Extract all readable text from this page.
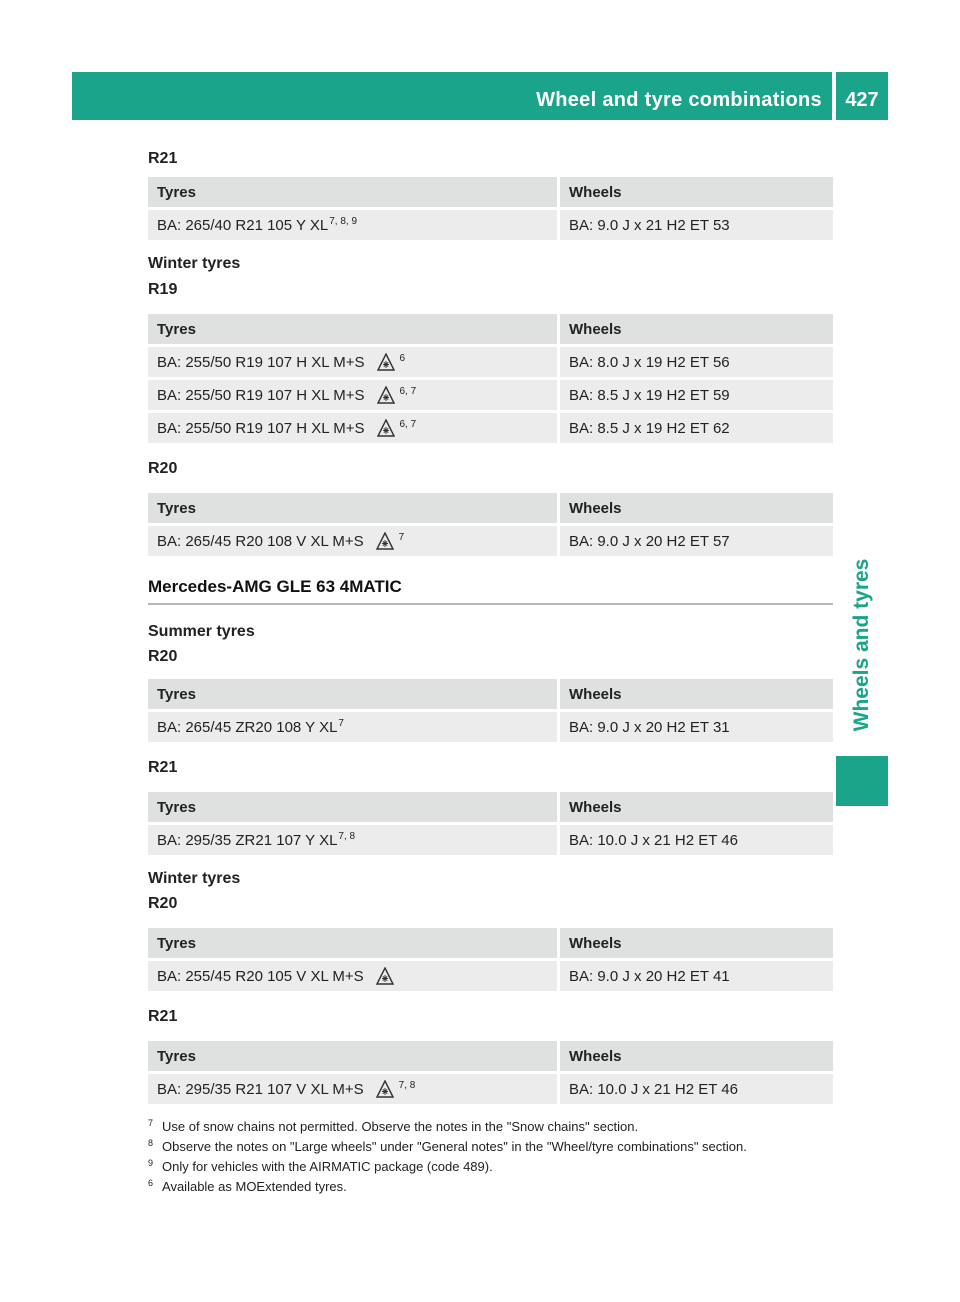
Wheel and tyre combinations	427
Wheels and tyres
R21
Tyres	Wheels
BA: 265/40 R21 105 Y XL$^{7, 8, 9}$	BA: 9.0 J x 21 H2 ET 53
Winter tyres
R19
Tyres	Wheels
BA: 255/50 R19 107 H XL M+S $^6$	BA: 8.0 J x 19 H2 ET 56
BA: 255/50 R19 107 H XL M+S $^{6, 7}$	BA: 8.5 J x 19 H2 ET 59
BA: 255/50 R19 107 H XL M+S $^{6, 7}$	BA: 8.5 J x 19 H2 ET 62
R20
Tyres	Wheels
BA: 265/45 R20 108 V XL M+S $^7$	BA: 9.0 J x 20 H2 ET 57
Mercedes-AMG GLE 63 4MATIC
Summer tyres
R20
Tyres	Wheels
BA: 265/45 ZR20 108 Y $XL^7$	BA: 9.0 J x 20 H2 ET 31
R21
Tyres	Wheels
BA: 295/35 ZR21 107 Y XL$^{7, 8}$	BA: 10.0 J x 21 H2 ET 46
Winter tyres
R20
Tyres	Wheels
BA: 255/45 R20 105 V XL M+S	BA: 9.0 J x 20 H2 ET 41
R21
Tyres	Wheels
BA: 295/35 R21 107 V XL M+S $^{7, 8}$	BA: 10.0 J x 21 H2 ET 46
$^7$ Use of snow chains not permitted. Observe the notes in the "Snow chains" section.
$^8$ Observe the notes on "Large wheels" under "General notes" in the "Wheel/tyre combinations" section.
$^9$ Only for vehicles with the AIRMATIC package (code 489).
$^6$ Available as MOExtended tyres.
